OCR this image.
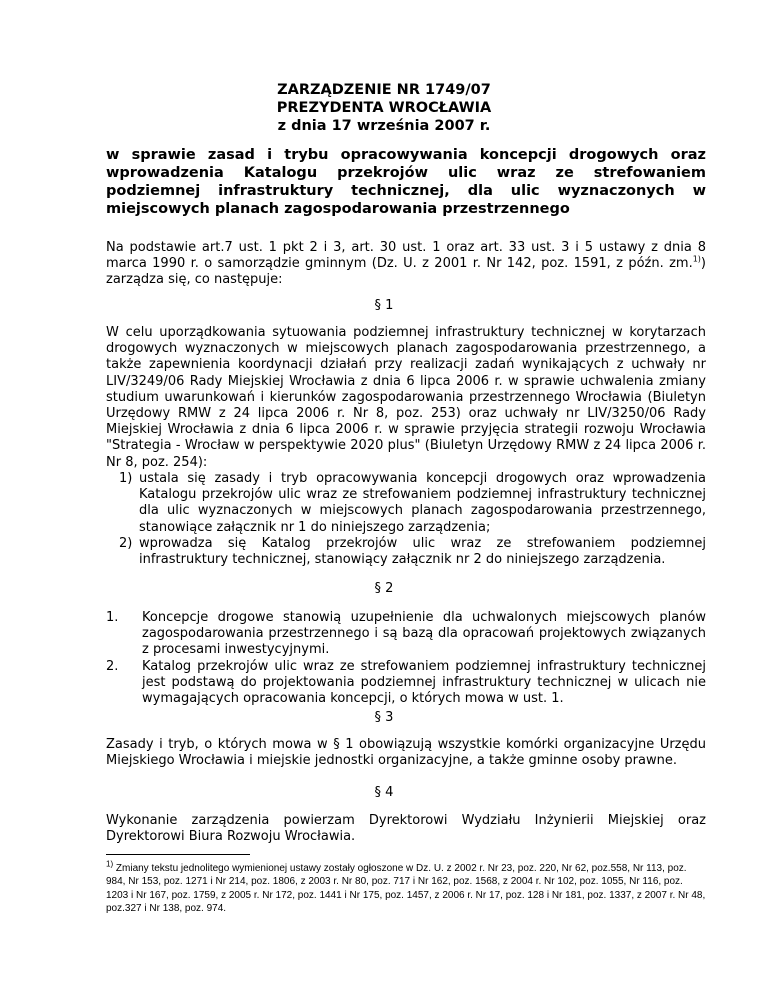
ZARZĄDZENIE NR 1749/07
PREZYDENTA WROCŁAWIA
z dnia 17 września 2007 r.
w sprawie zasad i trybu opracowywania koncepcji drogowych oraz wprowadzenia Katalogu przekrojów ulic wraz ze strefowaniem podziemnej infrastruktury technicznej, dla ulic wyznaczonych w miejscowych planach zagospodarowania przestrzennego
Na podstawie art.7 ust. 1 pkt 2 i 3, art. 30 ust. 1 oraz art. 33 ust. 3 i 5 ustawy z dnia 8 marca 1990 r. o samorządzie gminnym (Dz. U. z 2001 r. Nr 142, poz. 1591, z późn. zm.$^{1)}$) zarządza się, co następuje:
§ 1
W celu uporządkowania sytuowania podziemnej infrastruktury technicznej w korytarzach drogowych wyznaczonych w miejscowych planach zagospodarowania przestrzennego, a także zapewnienia koordynacji działań przy realizacji zadań wynikających z uchwały nr LIV/3249/06 Rady Miejskiej Wrocławia z dnia 6 lipca 2006 r. w sprawie uchwalenia zmiany studium uwarunkowań i kierunków zagospodarowania przestrzennego Wrocławia (Biuletyn Urzędowy RMW z 24 lipca 2006 r. Nr 8, poz. 253) oraz uchwały nr LIV/3250/06 Rady Miejskiej Wrocławia z dnia 6 lipca 2006 r. w sprawie przyjęcia strategii rozwoju Wrocławia "Strategia - Wrocław w perspektywie 2020 plus" (Biuletyn Urzędowy RMW z 24 lipca 2006 r. Nr 8, poz. 254):
1) ustala się zasady i tryb opracowywania koncepcji drogowych oraz wprowadzenia Katalogu przekrojów ulic wraz ze strefowaniem podziemnej infrastruktury technicznej dla ulic wyznaczonych w miejscowych planach zagospodarowania przestrzennego, stanowiące załącznik nr 1 do niniejszego zarządzenia;
2) wprowadza się Katalog przekrojów ulic wraz ze strefowaniem podziemnej infrastruktury technicznej, stanowiący załącznik nr 2 do niniejszego zarządzenia.
§ 2
1. Koncepcje drogowe stanowią uzupełnienie dla uchwalonych miejscowych planów zagospodarowania przestrzennego i są bazą dla opracowań projektowych związanych z procesami inwestycyjnymi.
2. Katalog przekrojów ulic wraz ze strefowaniem podziemnej infrastruktury technicznej jest podstawą do projektowania podziemnej infrastruktury technicznej w ulicach nie wymagających opracowania koncepcji, o których mowa w ust. 1.
§ 3
Zasady i tryb, o których mowa w § 1 obowiązują wszystkie komórki organizacyjne Urzędu Miejskiego Wrocławia i miejskie jednostki organizacyjne, a także gminne osoby prawne.
§ 4
Wykonanie zarządzenia powierzam Dyrektorowi Wydziału Inżynierii Miejskiej oraz Dyrektorowi Biura Rozwoju Wrocławia.
$^{1)}$ Zmiany tekstu jednolitego wymienionej ustawy zostały ogłoszone w Dz. U. z 2002 r. Nr 23, poz. 220, Nr 62, poz.558, Nr 113, poz. 984, Nr 153, poz. 1271 i Nr 214, poz. 1806, z 2003 r. Nr 80, poz. 717 i Nr 162, poz. 1568, z 2004 r. Nr 102, poz. 1055, Nr 116, poz. 1203 i Nr 167, poz. 1759, z 2005 r. Nr 172, poz. 1441 i Nr 175, poz. 1457, z 2006 r. Nr 17, poz. 128 i Nr 181, poz. 1337, z 2007 r. Nr 48, poz.327 i Nr 138, poz. 974.
